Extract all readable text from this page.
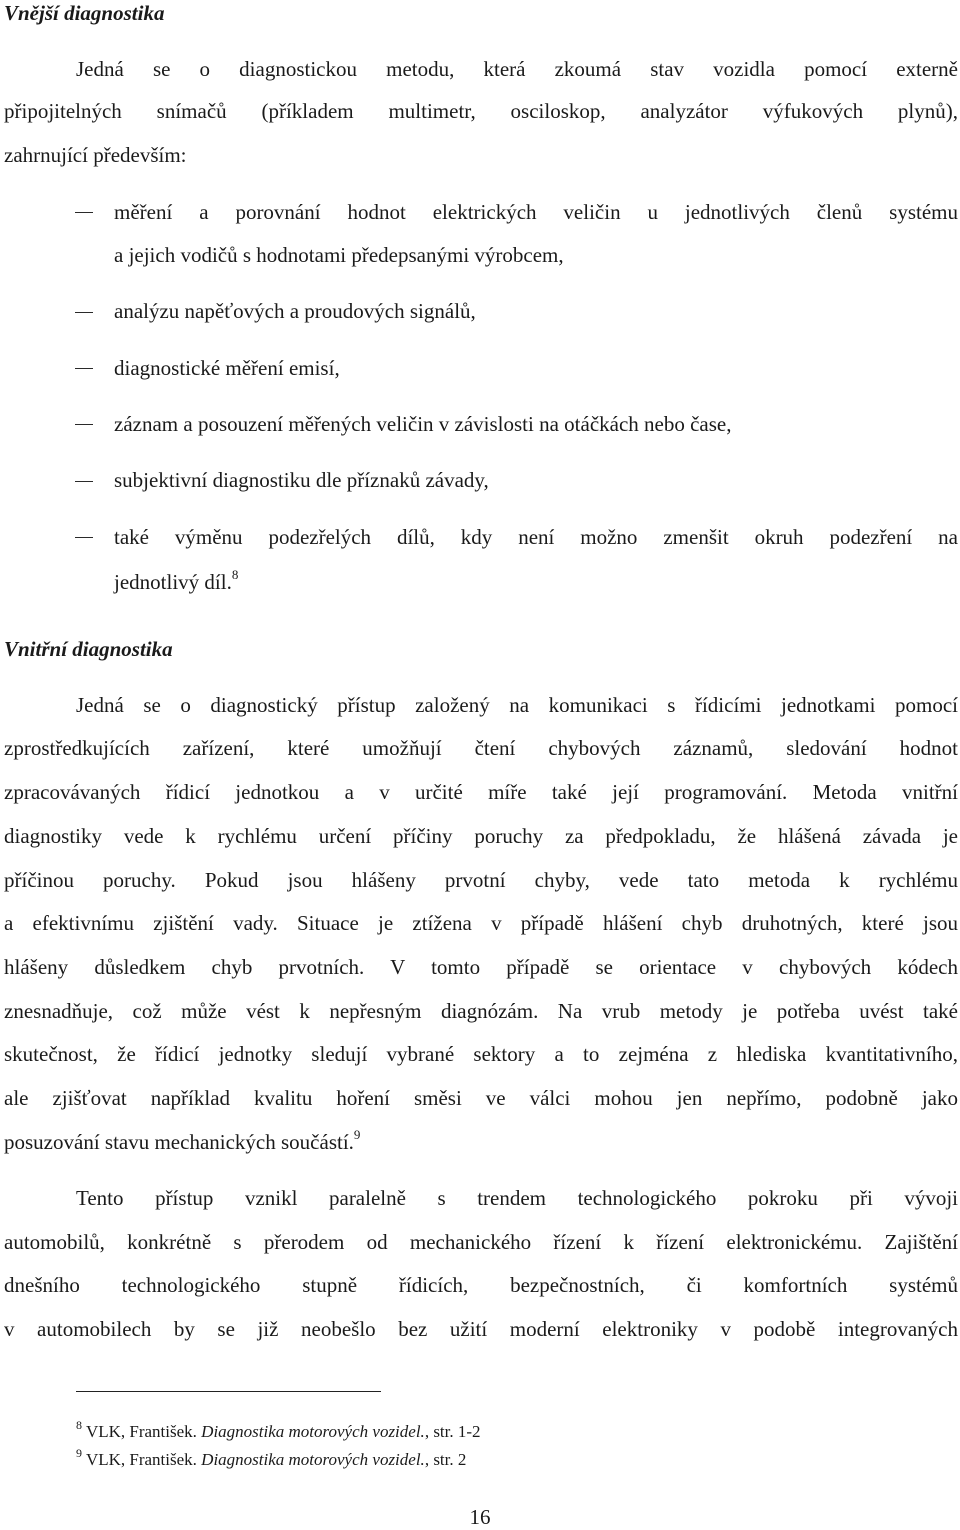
Vnější diagnostika
Jedná se o diagnostickou metodu, která zkoumá stav vozidla pomocí externě
připojitelných snímačů (příkladem multimetr, osciloskop, analyzátor výfukových plynů),
zahrnující především:
měření a porovnání hodnot elektrických veličin u jednotlivých členů systému
a jejich vodičů s hodnotami předepsanými výrobcem,
analýzu napěťových a proudových signálů,
diagnostické měření emisí,
záznam a posouzení měřených veličin v závislosti na otáčkách nebo čase,
subjektivní diagnostiku dle příznaků závady,
také výměnu podezřelých dílů, kdy není možno zmenšit okruh podezření na
jednotlivý díl.$^8$
Vnitřní diagnostika
Jedná se o diagnostický přístup založený na komunikaci s řídicími jednotkami pomocí
zprostředkujících zařízení, které umožňují čtení chybových záznamů, sledování hodnot
zpracovávaných řídicí jednotkou a v určité míře také její programování. Metoda vnitřní
diagnostiky vede k rychlému určení příčiny poruchy za předpokladu, že hlášená závada je
příčinou poruchy. Pokud jsou hlášeny prvotní chyby, vede tato metoda k rychlému
a efektivnímu zjištění vady. Situace je ztížena v případě hlášení chyb druhotných, které jsou
hlášeny důsledkem chyb prvotních. V tomto případě se orientace v chybových kódech
znesnadňuje, což může vést k nepřesným diagnózám. Na vrub metody je potřeba uvést také
skutečnost, že řídicí jednotky sledují vybrané sektory a to zejména z hlediska kvantitativního,
ale zjišťovat například kvalitu hoření směsi ve válci mohou jen nepřímo, podobně jako
posuzování stavu mechanických součástí.$^9$
Tento přístup vznikl paralelně s trendem technologického pokroku při vývoji
automobilů, konkrétně s přerodem od mechanického řízení k řízení elektronickému. Zajištění
dnešního technologického stupně řídicích, bezpečnostních, či komfortních systémů
v automobilech by se již neobešlo bez užití moderní elektroniky v podobě integrovaných
$^8$ VLK, František. Diagnostika motorových vozidel., str. 1-2
$^9$ VLK, František. Diagnostika motorových vozidel., str. 2
16
